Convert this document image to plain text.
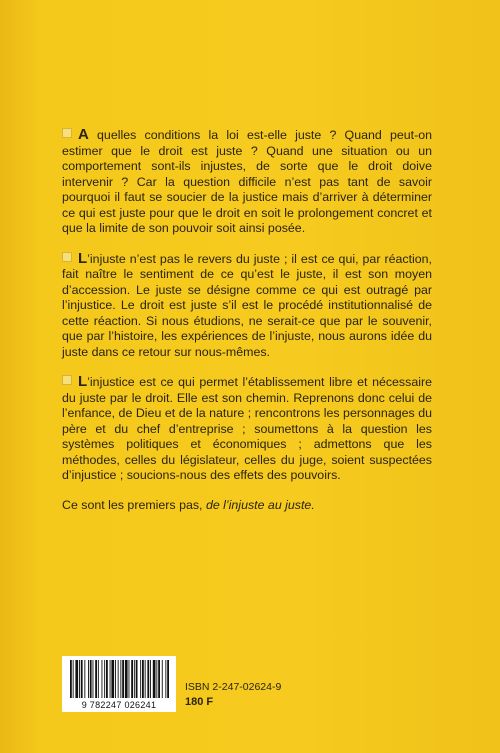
A quelles conditions la loi est-elle juste ? Quand peut-on estimer que le droit est juste ? Quand une situation ou un comportement sont-ils injustes, de sorte que le droit doive intervenir ? Car la question difficile n’est pas tant de savoir pourquoi il faut se soucier de la justice mais d’arriver à déterminer ce qui est juste pour que le droit en soit le prolongement concret et que la limite de son pouvoir soit ainsi posée.

L’injuste n’est pas le revers du juste ; il est ce qui, par réaction, fait naître le sentiment de ce qu’est le juste, il est son moyen d’accession. Le juste se désigne comme ce qui est outragé par l’injustice. Le droit est juste s’il est le procédé institutionnalisé de cette réaction. Si nous étudions, ne serait-ce que par le souvenir, que par l’histoire, les expériences de l’injuste, nous aurons idée du juste dans ce retour sur nous-mêmes.

L’injustice est ce qui permet l’établissement libre et nécessaire du juste par le droit. Elle est son chemin. Reprenons donc celui de l’enfance, de Dieu et de la nature ; rencontrons les personnages du père et du chef d’entreprise ; soumettons à la question les systèmes politiques et économiques ; admettons que les méthodes, celles du législateur, celles du juge, soient suspectées d’injustice ; soucions-nous des effets des pouvoirs.

Ce sont les premiers pas, de l’injuste au juste.

9 782247 026241
ISBN 2-247-02624-9
180 F
